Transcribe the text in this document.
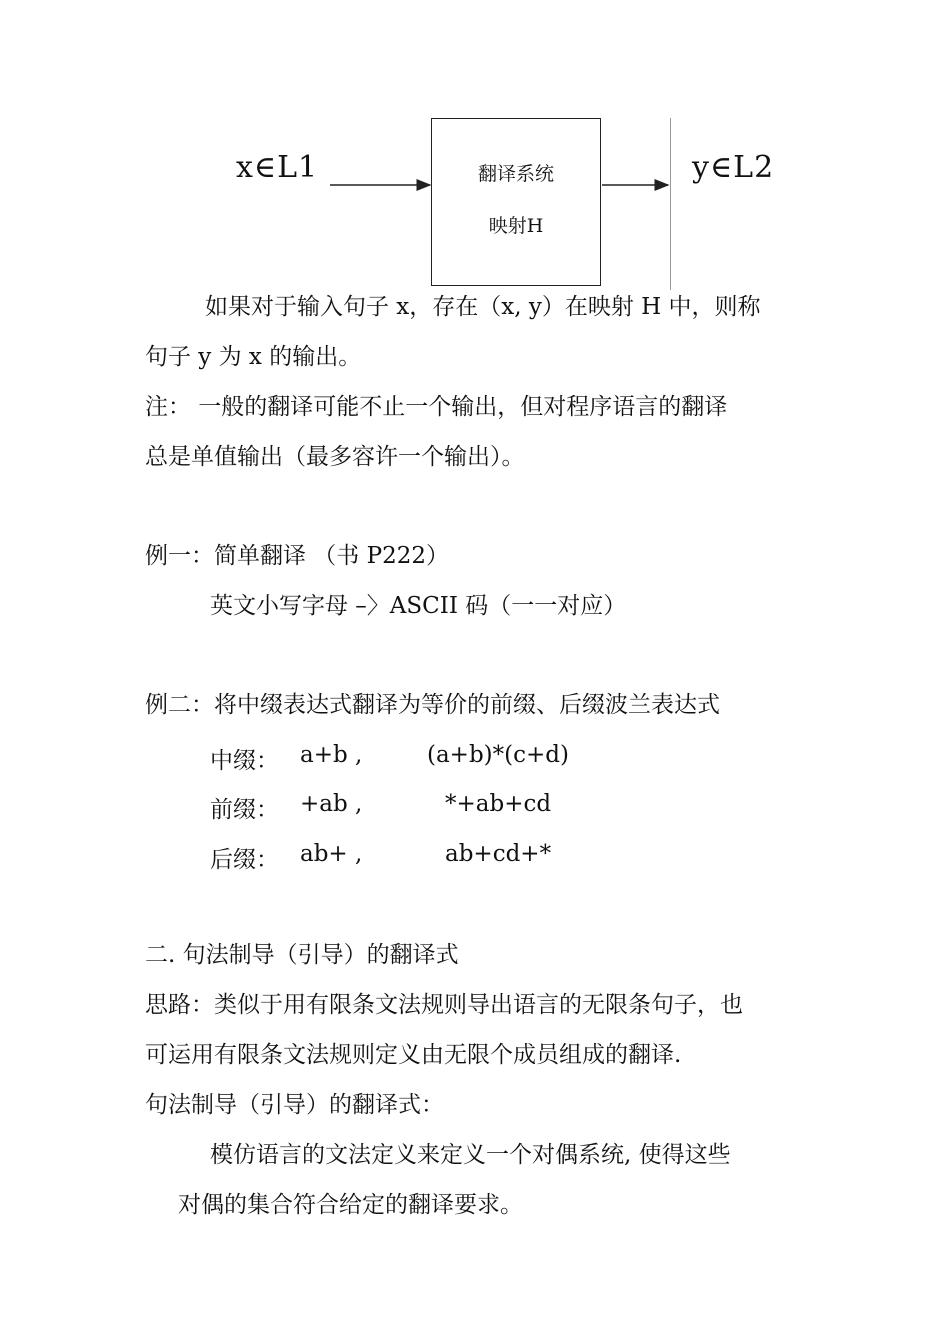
x∈L1	翻译系统
映射H
y∈L2
如果对于输入句子 x，存在（x, y）在映射 H 中，则称
句子 y 为 x 的输出。
注： 一般的翻译可能不止一个输出，但对程序语言的翻译
总是单值输出（最多容许一个输出）。
例一：简单翻译 （书 P222）
英文小写字母 –〉ASCII 码（一一对应）
例二：将中缀表达式翻译为等价的前缀、后缀波兰表达式
中缀： a+b ,	(a+b)*(c+d)
前缀： +ab ,	*+ab+cd
后缀： ab+ ,	ab+cd+*
二. 句法制导（引导）的翻译式
思路：类似于用有限条文法规则导出语言的无限条句子，也
可运用有限条文法规则定义由无限个成员组成的翻译.
句法制导（引导）的翻译式：
模仿语言的文法定义来定义一个对偶系统, 使得这些
对偶的集合符合给定的翻译要求。
